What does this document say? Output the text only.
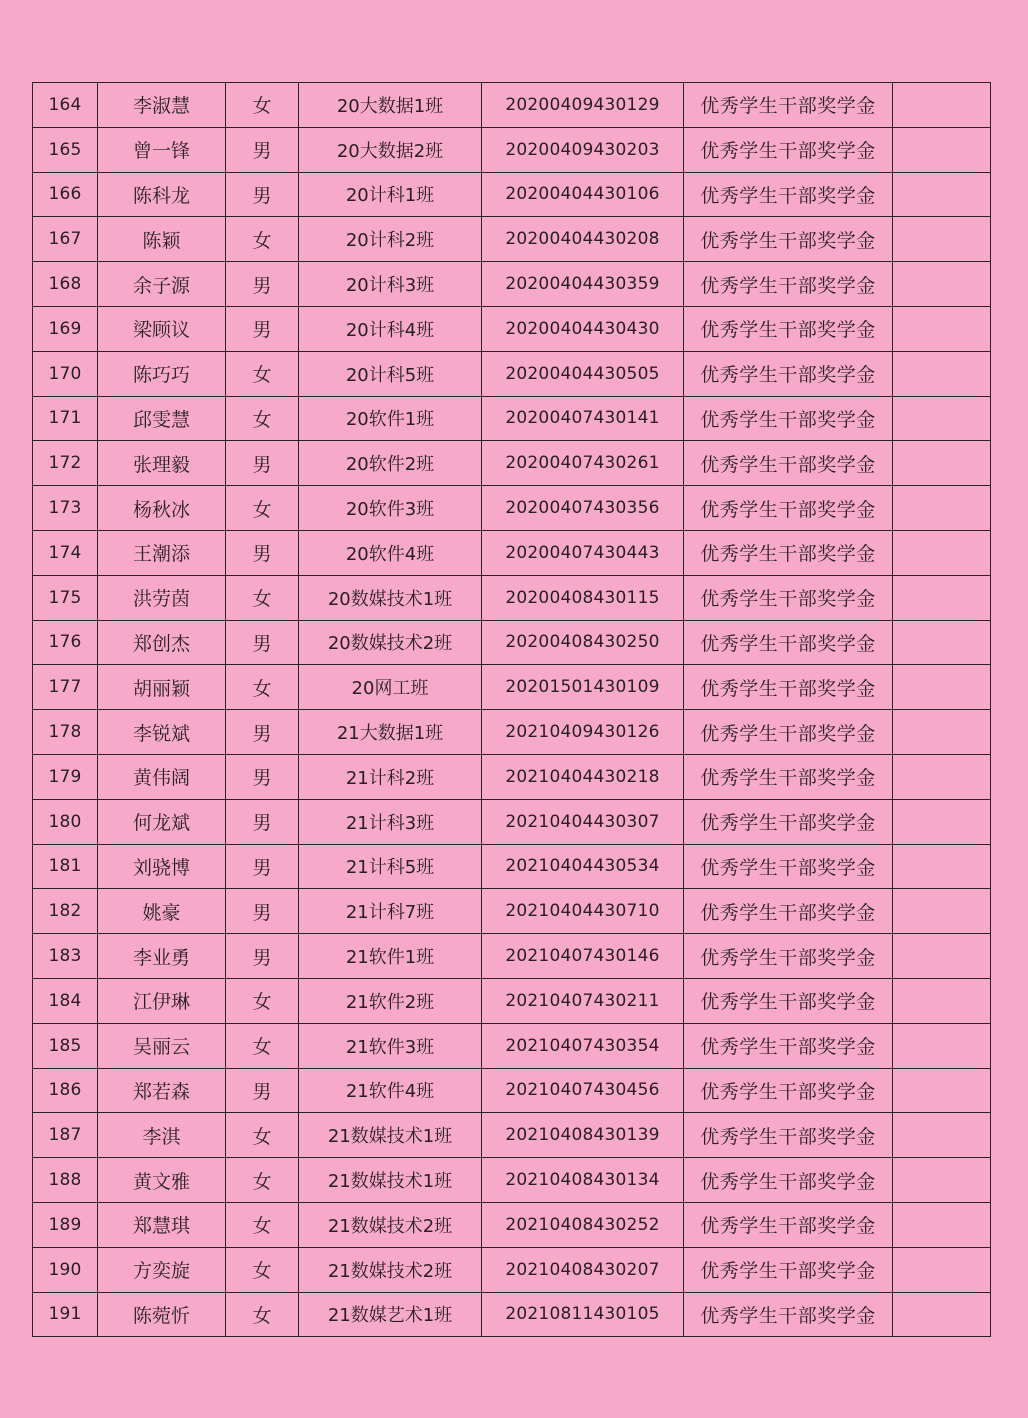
164	李淑慧	女	20大数据1班	20200409430129	优秀学生干部奖学金	
165	曾一锋	男	20大数据2班	20200409430203	优秀学生干部奖学金	
166	陈科龙	男	20计科1班	20200404430106	优秀学生干部奖学金	
167	陈颖	女	20计科2班	20200404430208	优秀学生干部奖学金	
168	余子源	男	20计科3班	20200404430359	优秀学生干部奖学金	
169	梁顾议	男	20计科4班	20200404430430	优秀学生干部奖学金	
170	陈巧巧	女	20计科5班	20200404430505	优秀学生干部奖学金	
171	邱雯慧	女	20软件1班	20200407430141	优秀学生干部奖学金	
172	张理毅	男	20软件2班	20200407430261	优秀学生干部奖学金	
173	杨秋冰	女	20软件3班	20200407430356	优秀学生干部奖学金	
174	王潮添	男	20软件4班	20200407430443	优秀学生干部奖学金	
175	洪劳茵	女	20数媒技术1班	20200408430115	优秀学生干部奖学金	
176	郑创杰	男	20数媒技术2班	20200408430250	优秀学生干部奖学金	
177	胡丽颖	女	20网工班	20201501430109	优秀学生干部奖学金	
178	李锐斌	男	21大数据1班	20210409430126	优秀学生干部奖学金	
179	黄伟阔	男	21计科2班	20210404430218	优秀学生干部奖学金	
180	何龙斌	男	21计科3班	20210404430307	优秀学生干部奖学金	
181	刘骁博	男	21计科5班	20210404430534	优秀学生干部奖学金	
182	姚豪	男	21计科7班	20210404430710	优秀学生干部奖学金	
183	李业勇	男	21软件1班	20210407430146	优秀学生干部奖学金	
184	江伊琳	女	21软件2班	20210407430211	优秀学生干部奖学金	
185	吴丽云	女	21软件3班	20210407430354	优秀学生干部奖学金	
186	郑若森	男	21软件4班	20210407430456	优秀学生干部奖学金	
187	李淇	女	21数媒技术1班	20210408430139	优秀学生干部奖学金	
188	黄文雅	女	21数媒技术1班	20210408430134	优秀学生干部奖学金	
189	郑慧琪	女	21数媒技术2班	20210408430252	优秀学生干部奖学金	
190	方奕旋	女	21数媒技术2班	20210408430207	优秀学生干部奖学金	
191	陈菀忻	女	21数媒艺术1班	20210811430105	优秀学生干部奖学金	
